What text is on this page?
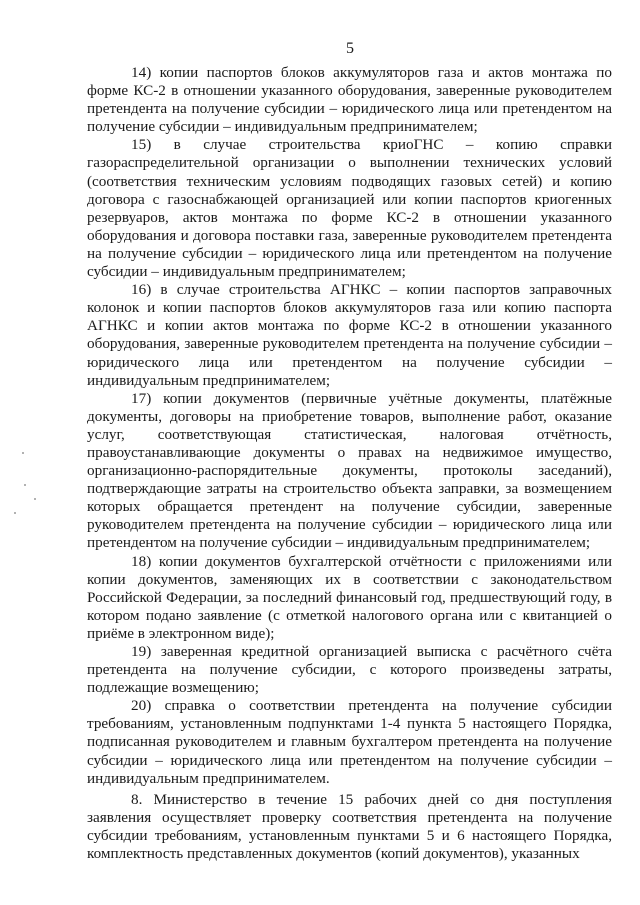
5

14) копии паспортов блоков аккумуляторов газа и актов монтажа по форме КС-2 в отношении указанного оборудования, заверенные руководителем претендента на получение субсидии – юридического лица или претендентом на получение субсидии – индивидуальным предпринимателем;

15) в случае строительства криоГНС – копию справки газораспределительной организации о выполнении технических условий (соответствия техническим условиям подводящих газовых сетей) и копию договора с газоснабжающей организацией или копии паспортов криогенных резервуаров, актов монтажа по форме КС-2 в отношении указанного оборудования и договора поставки газа, заверенные руководителем претендента на получение субсидии – юридического лица или претендентом на получение субсидии – индивидуальным предпринимателем;

16) в случае строительства АГНКС – копии паспортов заправочных колонок и копии паспортов блоков аккумуляторов газа или копию паспорта АГНКС и копии актов монтажа по форме КС-2 в отношении указанного оборудования, заверенные руководителем претендента на получение субсидии – юридического лица или претендентом на получение субсидии – индивидуальным предпринимателем;

17) копии документов (первичные учётные документы, платёжные документы, договоры на приобретение товаров, выполнение работ, оказание услуг, соответствующая статистическая, налоговая отчётность, правоустанавливающие документы о правах на недвижимое имущество, организационно-распорядительные документы, протоколы заседаний), подтверждающие затраты на строительство объекта заправки, за возмещением которых обращается претендент на получение субсидии, заверенные руководителем претендента на получение субсидии – юридического лица или претендентом на получение субсидии – индивидуальным предпринимателем;

18) копии документов бухгалтерской отчётности с приложениями или копии документов, заменяющих их в соответствии с законодательством Российской Федерации, за последний финансовый год, предшествующий году, в котором подано заявление (с отметкой налогового органа или с квитанцией о приёме в электронном виде);

19) заверенная кредитной организацией выписка с расчётного счёта претендента на получение субсидии, с которого произведены затраты, подлежащие возмещению;

20) справка о соответствии претендента на получение субсидии требованиям, установленным подпунктами 1-4 пункта 5 настоящего Порядка, подписанная руководителем и главным бухгалтером претендента на получение субсидии – юридического лица или претендентом на получение субсидии – индивидуальным предпринимателем.

8. Министерство в течение 15 рабочих дней со дня поступления заявления осуществляет проверку соответствия претендента на получение субсидии требованиям, установленным пунктами 5 и 6 настоящего Порядка, комплектность представленных документов (копий документов), указанных
